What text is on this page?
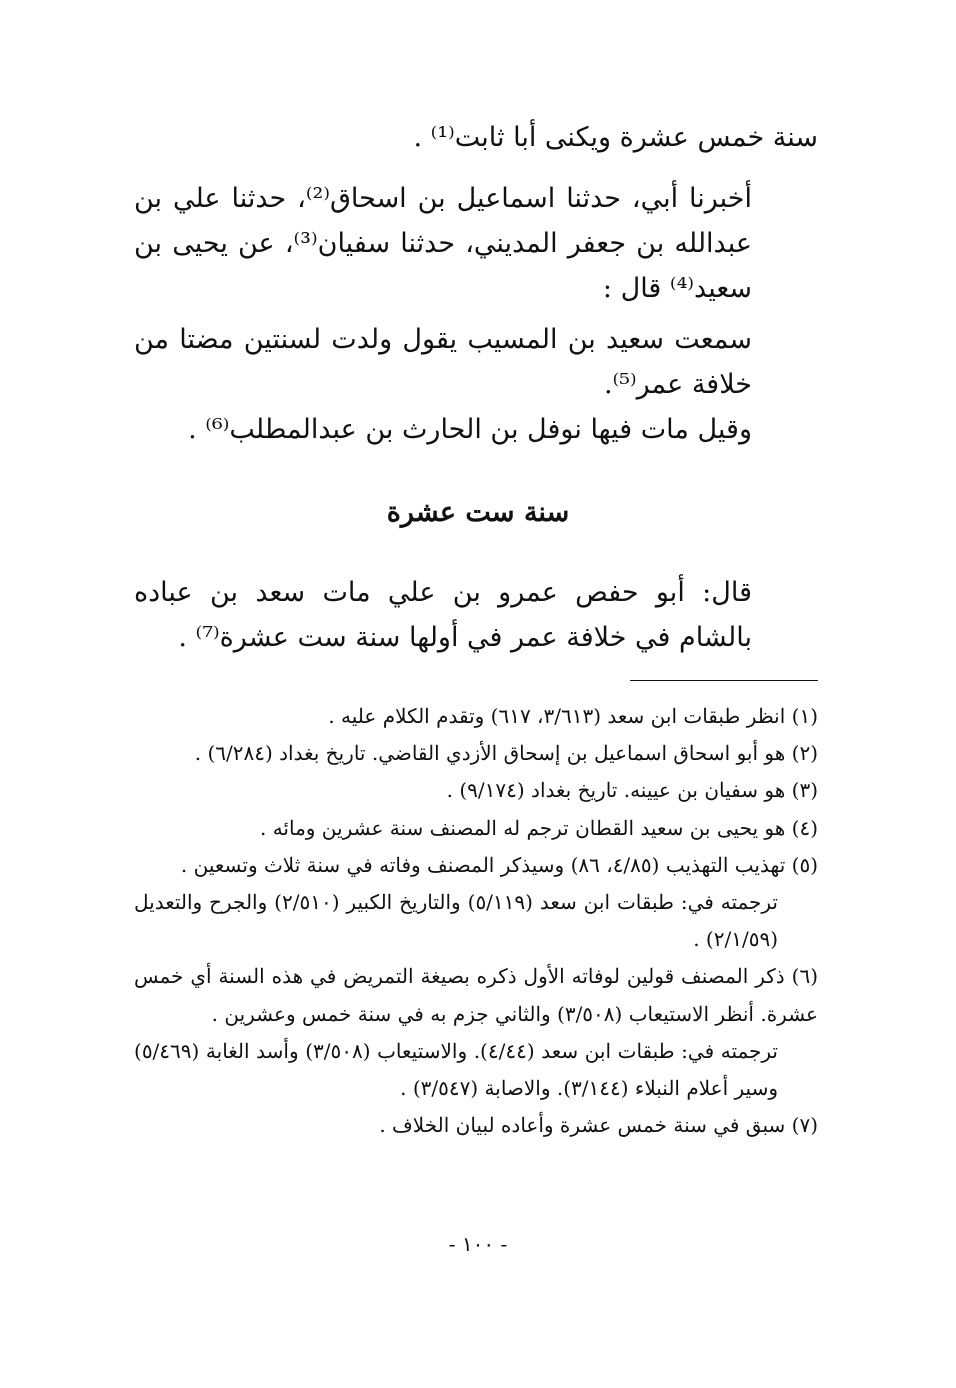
سنة خمس عشرة ويكنى أبا ثابت⁽¹⁾ .

أخبرنا أبي، حدثنا اسماعيل بن اسحاق⁽²⁾، حدثنا علي بن عبدالله بن جعفر المديني، حدثنا سفيان⁽³⁾، عن يحيى بن سعيد⁽⁴⁾ قال :

سمعت سعيد بن المسيب يقول ولدت لسنتين مضتا من خلافة عمر⁽⁵⁾.

وقيل مات فيها نوفل بن الحارث بن عبدالمطلب⁽⁶⁾ .

سنة ست عشرة

قال: أبو حفص عمرو بن علي مات سعد بن عباده بالشام في خلافة عمر في أولها سنة ست عشرة⁽⁷⁾ .

(١) انظر طبقات ابن سعد (٣/٦١٣، ٦١٧) وتقدم الكلام عليه .

(٢) هو أبو اسحاق اسماعيل بن إسحاق الأزدي القاضي. تاريخ بغداد (٦/٢٨٤) .

(٣) هو سفيان بن عيينه. تاريخ بغداد (٩/١٧٤) .

(٤) هو يحيى بن سعيد القطان ترجم له المصنف سنة عشرين ومائه .

(٥) تهذيب التهذيب (٤/٨٥، ٨٦) وسيذكر المصنف وفاته في سنة ثلاث وتسعين .

ترجمته في: طبقات ابن سعد (٥/١١٩) والتاريخ الكبير (٢/٥١٠) والجرح والتعديل (٢/١/٥٩) .

(٦) ذكر المصنف قولين لوفاته الأول ذكره بصيغة التمريض في هذه السنة أي خمس عشرة. أنظر الاستيعاب (٣/٥٠٨) والثاني جزم به في سنة خمس وعشرين .

ترجمته في: طبقات ابن سعد (٤/٤٤). والاستيعاب (٣/٥٠٨) وأسد الغابة (٥/٤٦٩) وسير أعلام النبلاء (٣/١٤٤). والاصابة (٣/٥٤٧) .

(٧) سبق في سنة خمس عشرة وأعاده لبيان الخلاف .

- ١٠٠ -
